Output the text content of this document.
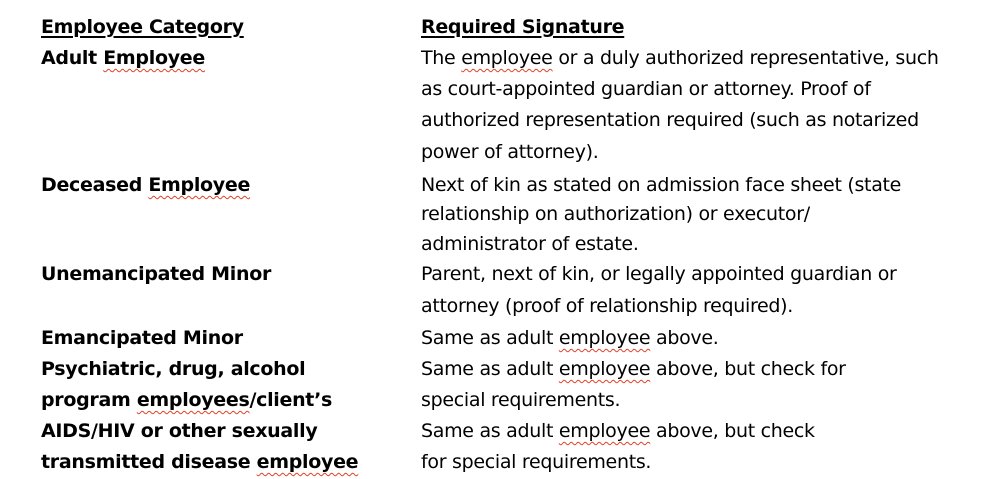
Employee Category	Required Signature
Adult Employee
Deceased Employee
Unemancipated Minor
Emancipated Minor
Psychiatric, drug, alcohol
program employees/client’s
AIDS/HIV or other sexually
transmitted disease employee
The employee or a duly authorized representative, such
as court-appointed guardian or attorney. Proof of
authorized representation required (such as notarized
power of attorney).
Next of kin as stated on admission face sheet (state
relationship on authorization) or executor/
administrator of estate.
Parent, next of kin, or legally appointed guardian or
attorney (proof of relationship required).
Same as adult employee above.
Same as adult employee above, but check for
special requirements.
Same as adult employee above, but check
for special requirements.
